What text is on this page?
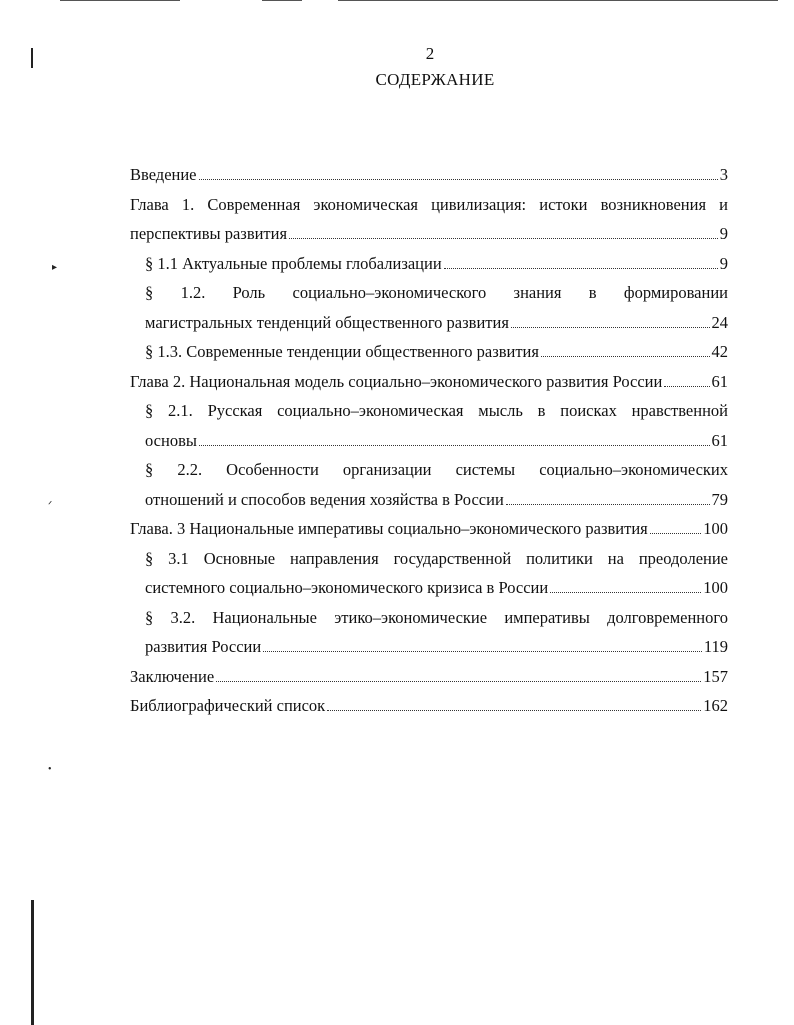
▸
ᐟ
•
2
СОДЕРЖАНИЕ
Введение	3
Глава 1. Современная экономическая цивилизация: истоки возникновения и
перспективы развития	9
§ 1.1 Актуальные проблемы глобализации	9
§ 1.2. Роль социально–экономического знания в формировании
магистральных тенденций общественного развития	24
§ 1.3. Современные тенденции общественного развития	42
Глава 2. Национальная модель социально–экономического развития России	61
§ 2.1. Русская социально–экономическая мысль в поисках нравственной
основы	61
§ 2.2. Особенности организации системы социально–экономических
отношений и способов ведения хозяйства в России	79
Глава. 3 Национальные императивы социально–экономического развития	100
§ 3.1 Основные направления государственной политики на преодоление
системного социально–экономического кризиса в России	100
§ 3.2. Национальные этико–экономические императивы долговременного
развития России	119
Заключение	157
Библиографический список	162
